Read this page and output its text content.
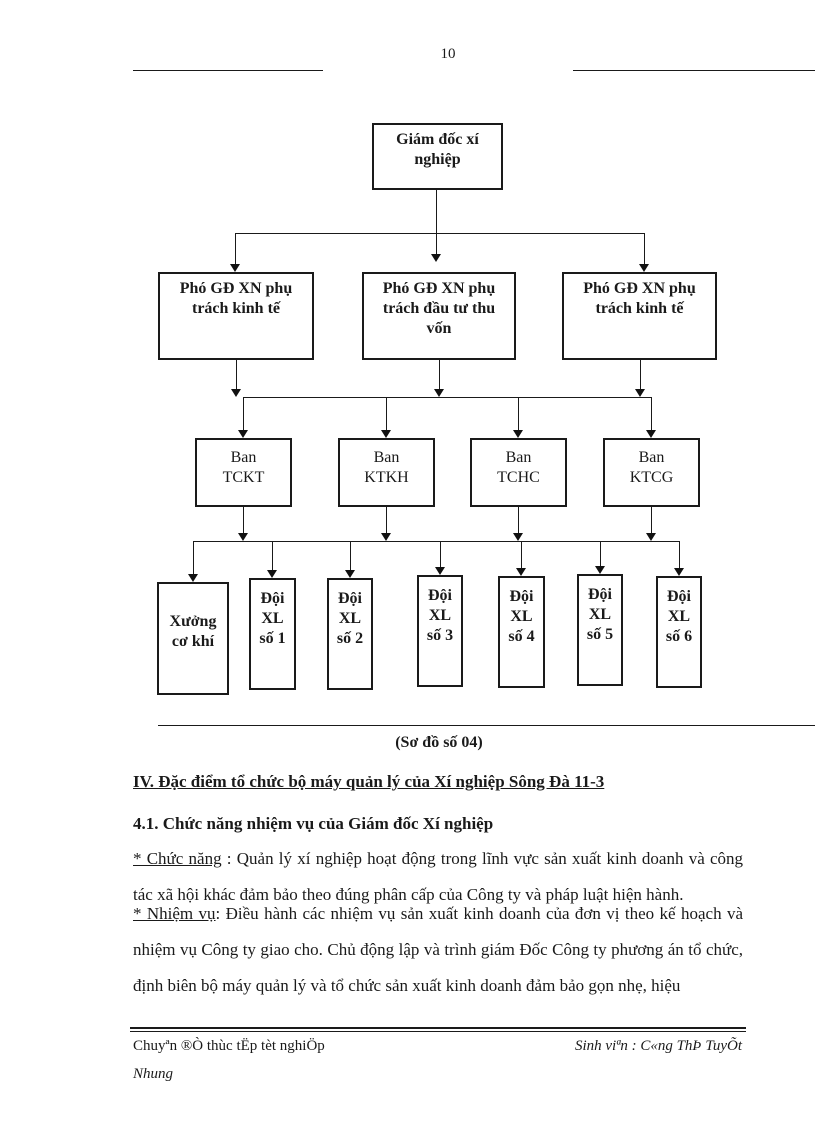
10
Giám đốc xí
nghiệp
Phó GĐ XN phụ
trách kinh tế
Phó GĐ XN phụ
trách đầu tư thu
vốn
Phó GĐ XN phụ
trách kinh tế
Ban
TCKT
Ban
KTKH
Ban
TCHC
Ban
KTCG
Xưởng
cơ khí
Đội
XL
số 1
Đội
XL
số 2
Đội
XL
số 3
Đội
XL
số 4
Đội
XL
số 5
Đội
XL
số 6
(Sơ đồ số 04)
IV. Đặc điểm tổ chức bộ máy quản lý của Xí nghiệp Sông Đà 11-3
4.1. Chức năng nhiệm vụ của Giám đốc Xí nghiệp
* Chức năng : Quản lý xí nghiệp hoạt động trong lĩnh vực sản xuất kinh doanh và công tác xã hội khác đảm bảo theo đúng phân cấp của Công ty và pháp luật hiện hành.
* Nhiệm vụ: Điều hành các nhiệm vụ sản xuất kinh doanh của đơn vị theo kế hoạch và nhiệm vụ Công ty giao cho. Chủ động lập và trình giám Đốc Công ty phương án tổ chức, định biên bộ máy quản lý và tổ chức sản xuất kinh doanh đảm bảo gọn nhẹ, hiệu
Chuyªn ®Ò thùc tËp tèt nghiÖp	Sinh viªn : C«ng ThÞ TuyÕt
Nhung
